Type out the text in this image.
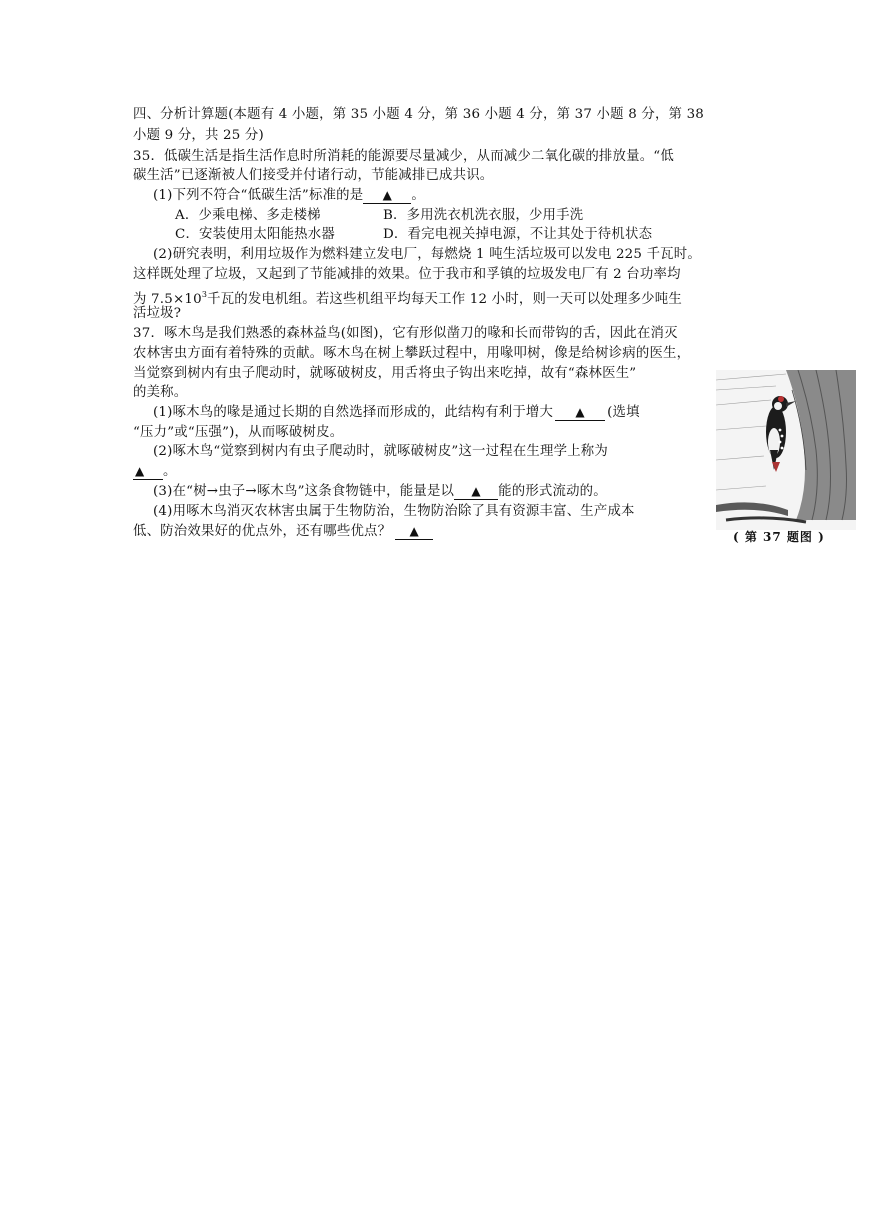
四、分析计算题(本题有 4 小题，第 35 小题 4 分，第 36 小题 4 分，第 37 小题 8 分，第 38
小题 9 分，共 25 分)
35．低碳生活是指生活作息时所消耗的能源要尽量减少，从而减少二氧化碳的排放量。“低
碳生活”已逐渐被人们接受并付诸行动，节能减排已成共识。
(1)下列不符合“低碳生活”标准的是 ▲ 。
A．少乘电梯、多走楼梯	B．多用洗衣机洗衣服，少用手洗
C．安装使用太阳能热水器	D．看完电视关掉电源，不让其处于待机状态
(2)研究表明，利用垃圾作为燃料建立发电厂，每燃烧 1 吨生活垃圾可以发电 225 千瓦时。
这样既处理了垃圾，又起到了节能减排的效果。位于我市和孚镇的垃圾发电厂有 2 台功率均
为 $7.5\times 10^3$千瓦的发电机组。若这些机组平均每天工作 12 小时，则一天可以处理多少吨生
活垃圾?
37．啄木鸟是我们熟悉的森林益鸟(如图)，它有形似凿刀的喙和长而带钩的舌，因此在消灭
农林害虫方面有着特殊的贡献。啄木鸟在树上攀跃过程中，用喙叩树，像是给树诊病的医生，
当觉察到树内有虫子爬动时，就啄破树皮，用舌将虫子钩出来吃掉，故有“森林医生”
的美称。
(1)啄木鸟的喙是通过长期的自然选择而形成的，此结构有利于增大 ▲ (选填
“压力”或“压强”)，从而啄破树皮。
(2)啄木鸟“觉察到树内有虫子爬动时，就啄破树皮”这一过程在生理学上称为
▲ 。
(3)在“树→虫子→啄木鸟”这条食物链中，能量是以 ▲ 能的形式流动的。
(4)用啄木鸟消灭农林害虫属于生物防治，生物防治除了具有资源丰富、生产成本
低、防治效果好的优点外，还有哪些优点？ ▲	( 第 37 题图 )
